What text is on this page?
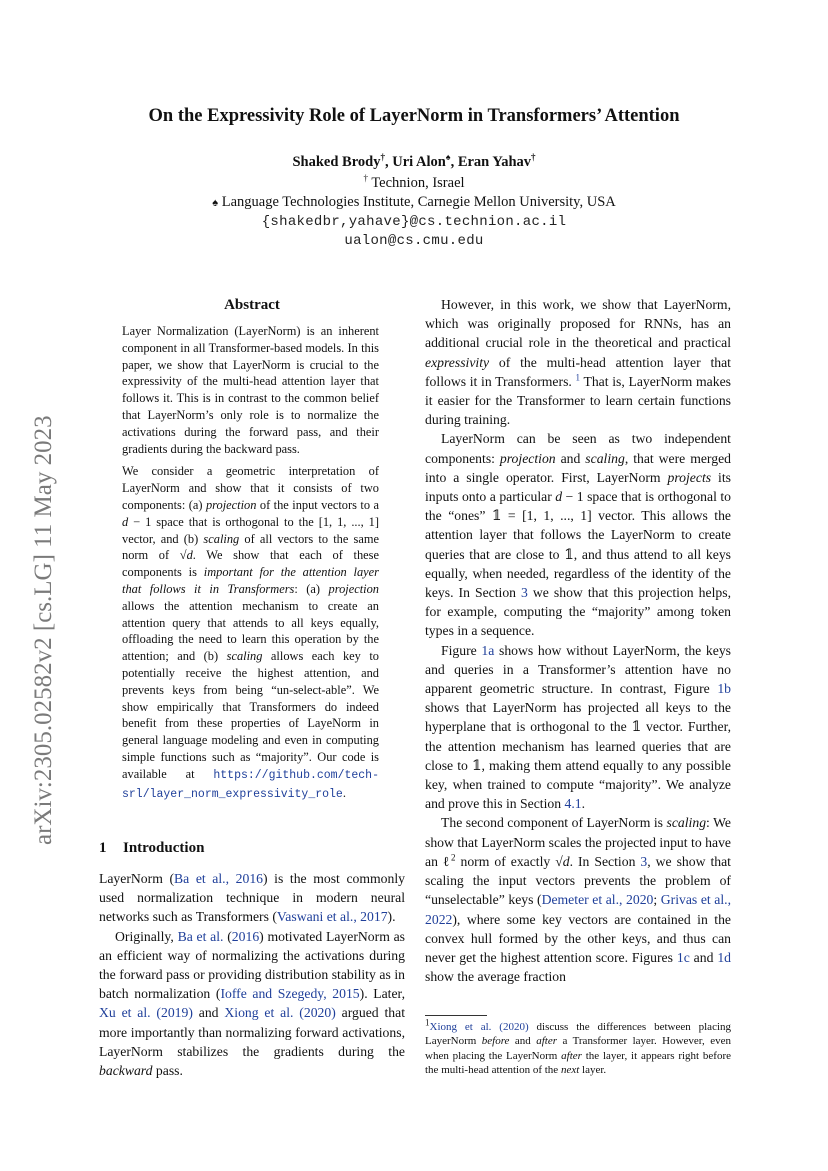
arXiv:2305.02582v2 [cs.LG] 11 May 2023
On the Expressivity Role of LayerNorm in Transformers’ Attention
Shaked Brody†, Uri Alon♠, Eran Yahav†
† Technion, Israel
♠ Language Technologies Institute, Carnegie Mellon University, USA
{shakedbr,yahave}@cs.technion.ac.il
ualon@cs.cmu.edu
Abstract

Layer Normalization (LayerNorm) is an inherent component in all Transformer-based models. In this paper, we show that LayerNorm is crucial to the expressivity of the multi-head attention layer that follows it. This is in contrast to the common belief that LayerNorm’s only role is to normalize the activations during the forward pass, and their gradients during the backward pass.

We consider a geometric interpretation of LayerNorm and show that it consists of two components: (a) projection of the input vectors to a d − 1 space that is orthogonal to the [1, 1, ..., 1] vector, and (b) scaling of all vectors to the same norm of √d. We show that each of these components is important for the attention layer that follows it in Transformers: (a) projection allows the attention mechanism to create an attention query that attends to all keys equally, offloading the need to learn this operation by the attention; and (b) scaling allows each key to potentially receive the highest attention, and prevents keys from being “un-select-able”. We show empirically that Transformers do indeed benefit from these properties of LayeNorm in general language modeling and even in computing simple functions such as “majority”. Our code is available at https://github.com/tech-srl/layer_norm_expressivity_role.

1 Introduction

LayerNorm (Ba et al., 2016) is the most commonly used normalization technique in modern neural networks such as Transformers (Vaswani et al., 2017).

Originally, Ba et al. (2016) motivated LayerNorm as an efficient way of normalizing the activations during the forward pass or providing distribution stability as in batch normalization (Ioffe and Szegedy, 2015). Later, Xu et al. (2019) and Xiong et al. (2020) argued that more importantly than normalizing forward activations, LayerNorm stabilizes the gradients during the backward pass.

However, in this work, we show that LayerNorm, which was originally proposed for RNNs, has an additional crucial role in the theoretical and practical expressivity of the multi-head attention layer that follows it in Transformers. $^1$ That is, LayerNorm makes it easier for the Transformer to learn certain functions during training.

LayerNorm can be seen as two independent components: projection and scaling, that were merged into a single operator. First, LayerNorm projects its inputs onto a particular d − 1 space that is orthogonal to the “ones” 𝟙 = [1, 1, ..., 1] vector. This allows the attention layer that follows the LayerNorm to create queries that are close to 𝟙, and thus attend to all keys equally, when needed, regardless of the identity of the keys. In Section 3 we show that this projection helps, for example, computing the “majority” among token types in a sequence.

Figure 1a shows how without LayerNorm, the keys and queries in a Transformer’s attention have no apparent geometric structure. In contrast, Figure 1b shows that LayerNorm has projected all keys to the hyperplane that is orthogonal to the 𝟙 vector. Further, the attention mechanism has learned queries that are close to 𝟙, making them attend equally to any possible key, when trained to compute “majority”. We analyze and prove this in Section 4.1.

The second component of LayerNorm is scaling: We show that LayerNorm scales the projected input to have an ℓ$^2$ norm of exactly √d. In Section 3, we show that scaling the input vectors prevents the problem of “unselectable” keys (Demeter et al., 2020; Grivas et al., 2022), where some key vectors are contained in the convex hull formed by the other keys, and thus can never get the highest attention score. Figures 1c and 1d show the average fraction

$^1$Xiong et al. (2020) discuss the differences between placing LayerNorm before and after a Transformer layer. However, even when placing the LayerNorm after the layer, it appears right before the multi-head attention of the next layer.
